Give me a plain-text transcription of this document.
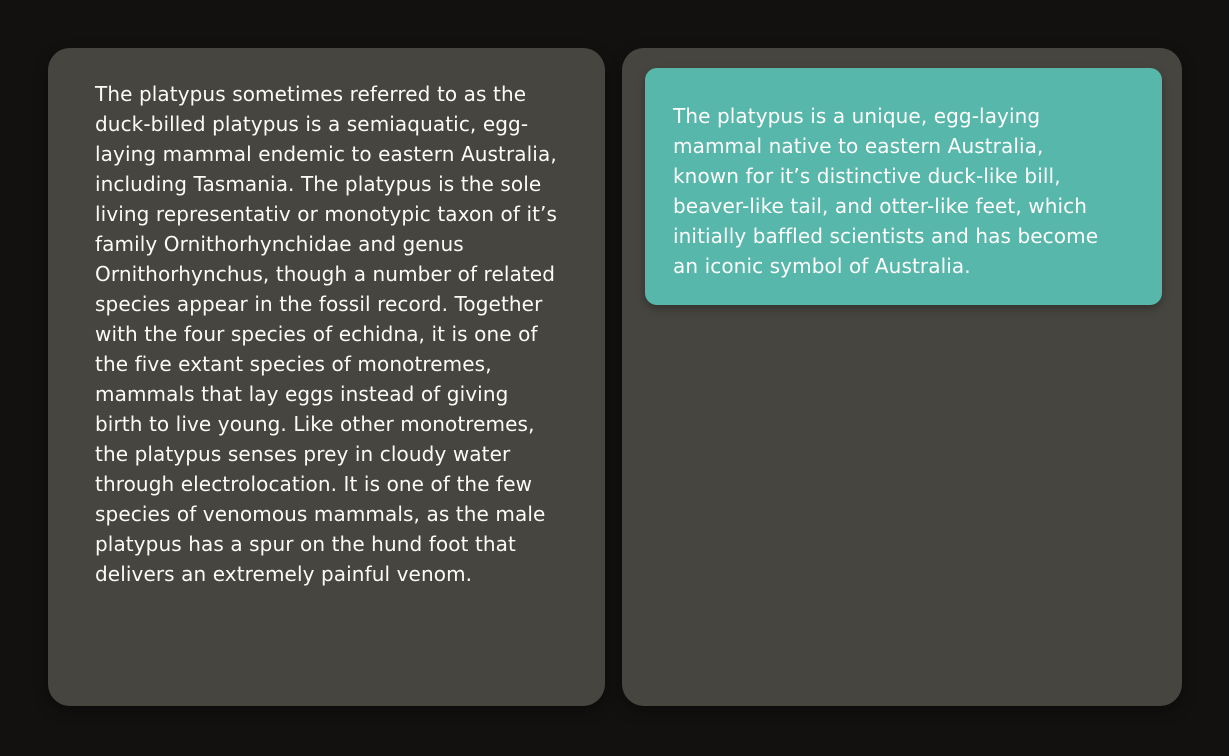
The platypus sometimes referred to as the duck-billed platypus is a semiaquatic, egg-laying mammal endemic to eastern Australia, including Tasmania. The platypus is the sole living representativ or monotypic taxon of it’s family Ornithorhynchidae and genus Ornithorhynchus, though a number of related species appear in the fossil record. Together with the four species of echidna, it is one of the five extant species of monotremes, mammals that lay eggs instead of giving birth to live young. Like other monotremes, the platypus senses prey in cloudy water through electrolocation. It is one of the few species of venomous mammals, as the male platypus has a spur on the hund foot that delivers an extremely painful venom.

The platypus is a unique, egg-laying mammal native to eastern Australia, known for it’s distinctive duck-like bill, beaver-like tail, and otter-like feet, which initially baffled scientists and has become an iconic symbol of Australia.
